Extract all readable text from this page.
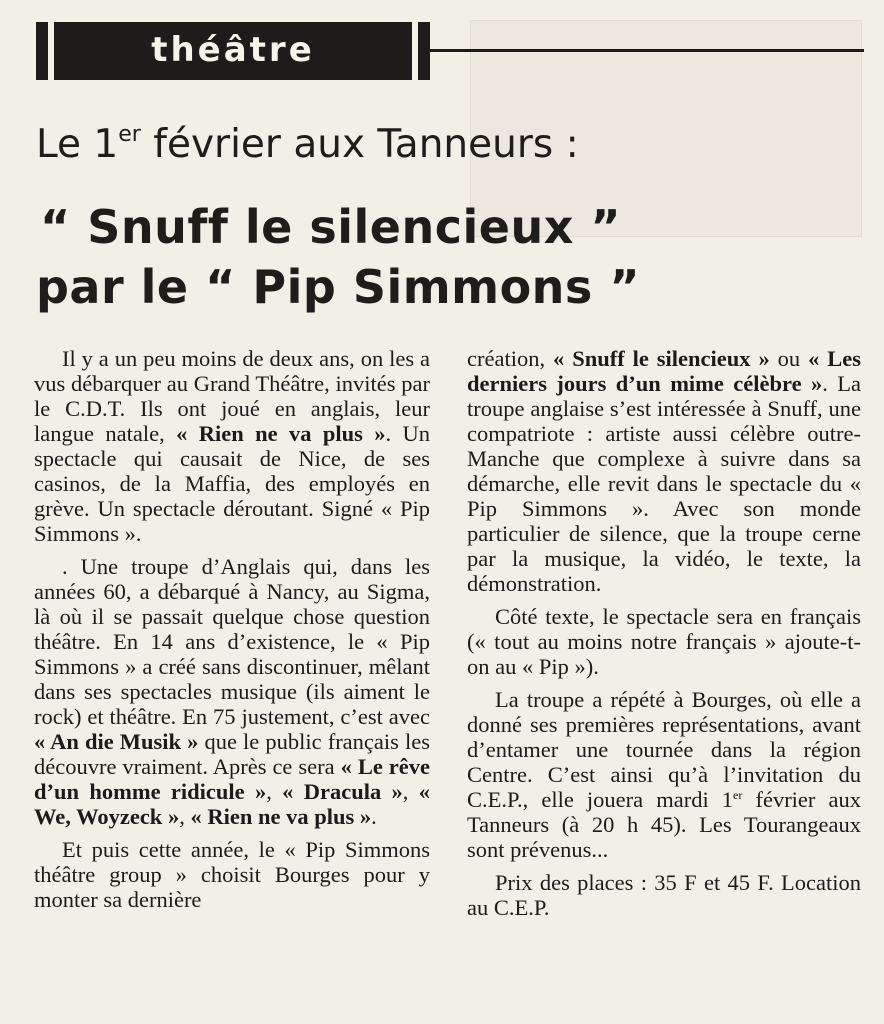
théâtre
Le 1er février aux Tanneurs :
“ Snuff le silencieux ”
par le “ Pip Simmons ”

Il y a un peu moins de deux ans, on les a vus débarquer au Grand Théâtre, invités par le C.D.T. Ils ont joué en anglais, leur langue natale, « Rien ne va plus ». Un spectacle qui causait de Nice, de ses casinos, de la Maffia, des employés en grève. Un spectacle déroutant. Signé « Pip Simmons ».

. Une troupe d’Anglais qui, dans les années 60, a débarqué à Nancy, au Sigma, là où il se passait quelque chose question théâtre. En 14 ans d’existence, le « Pip Simmons » a créé sans discontinuer, mêlant dans ses spectacles musique (ils aiment le rock) et théâtre. En 75 justement, c’est avec « An die Musik » que le public français les découvre vraiment. Après ce sera « Le rêve d’un homme ridicule », « Dracula », « We, Woyzeck », « Rien ne va plus ».

Et puis cette année, le « Pip Simmons théâtre group » choisit Bourges pour y monter sa dernière

création, « Snuff le silencieux » ou « Les derniers jours d’un mime célèbre ». La troupe anglaise s’est intéressée à Snuff, une compatriote : artiste aussi célèbre outre-Manche que complexe à suivre dans sa démarche, elle revit dans le spectacle du « Pip Simmons ». Avec son monde particulier de silence, que la troupe cerne par la musique, la vidéo, le texte, la démonstration.

Côté texte, le spectacle sera en français (« tout au moins notre français » ajoute-t-on au « Pip »).

La troupe a répété à Bourges, où elle a donné ses premières représentations, avant d’entamer une tournée dans la région Centre. C’est ainsi qu’à l’invitation du C.E.P., elle jouera mardi 1er février aux Tanneurs (à 20 h 45). Les Tourangeaux sont prévenus...

Prix des places : 35 F et 45 F. Location au C.E.P.
